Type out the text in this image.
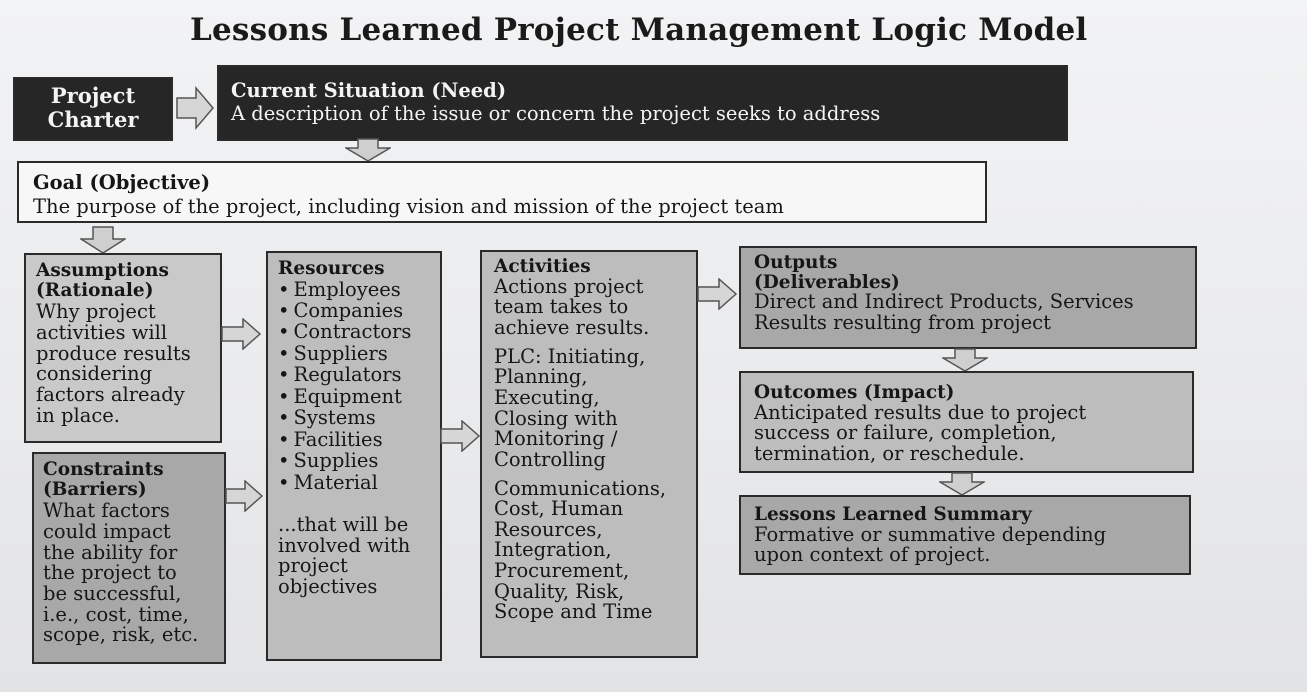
Lessons Learned Project Management Logic Model
Project
Charter
Current Situation (Need)
A description of the issue or concern the project seeks to address
Goal (Objective)
The purpose of the project, including vision and mission of the project team
Assumptions
(Rationale)
Why project
activities will
produce results
considering
factors already
in place.
Constraints
(Barriers)
What factors
could impact
the ability for
the project to
be successful,
i.e., cost, time,
scope, risk, etc.
Resources
• Employees
• Companies
• Contractors
• Suppliers
• Regulators
• Equipment
• Systems
• Facilities
• Supplies
• Material
...that will be
involved with
project
objectives
Activities
Actions project
team takes to
achieve results.
PLC: Initiating,
Planning,
Executing,
Closing with
Monitoring /
Controlling
Communications,
Cost, Human
Resources,
Integration,
Procurement,
Quality, Risk,
Scope and Time
Outputs
(Deliverables)
Direct and Indirect Products, Services
Results resulting from project
Outcomes (Impact)
Anticipated results due to project
success or failure, completion,
termination, or reschedule.
Lessons Learned Summary
Formative or summative depending
upon context of project.
